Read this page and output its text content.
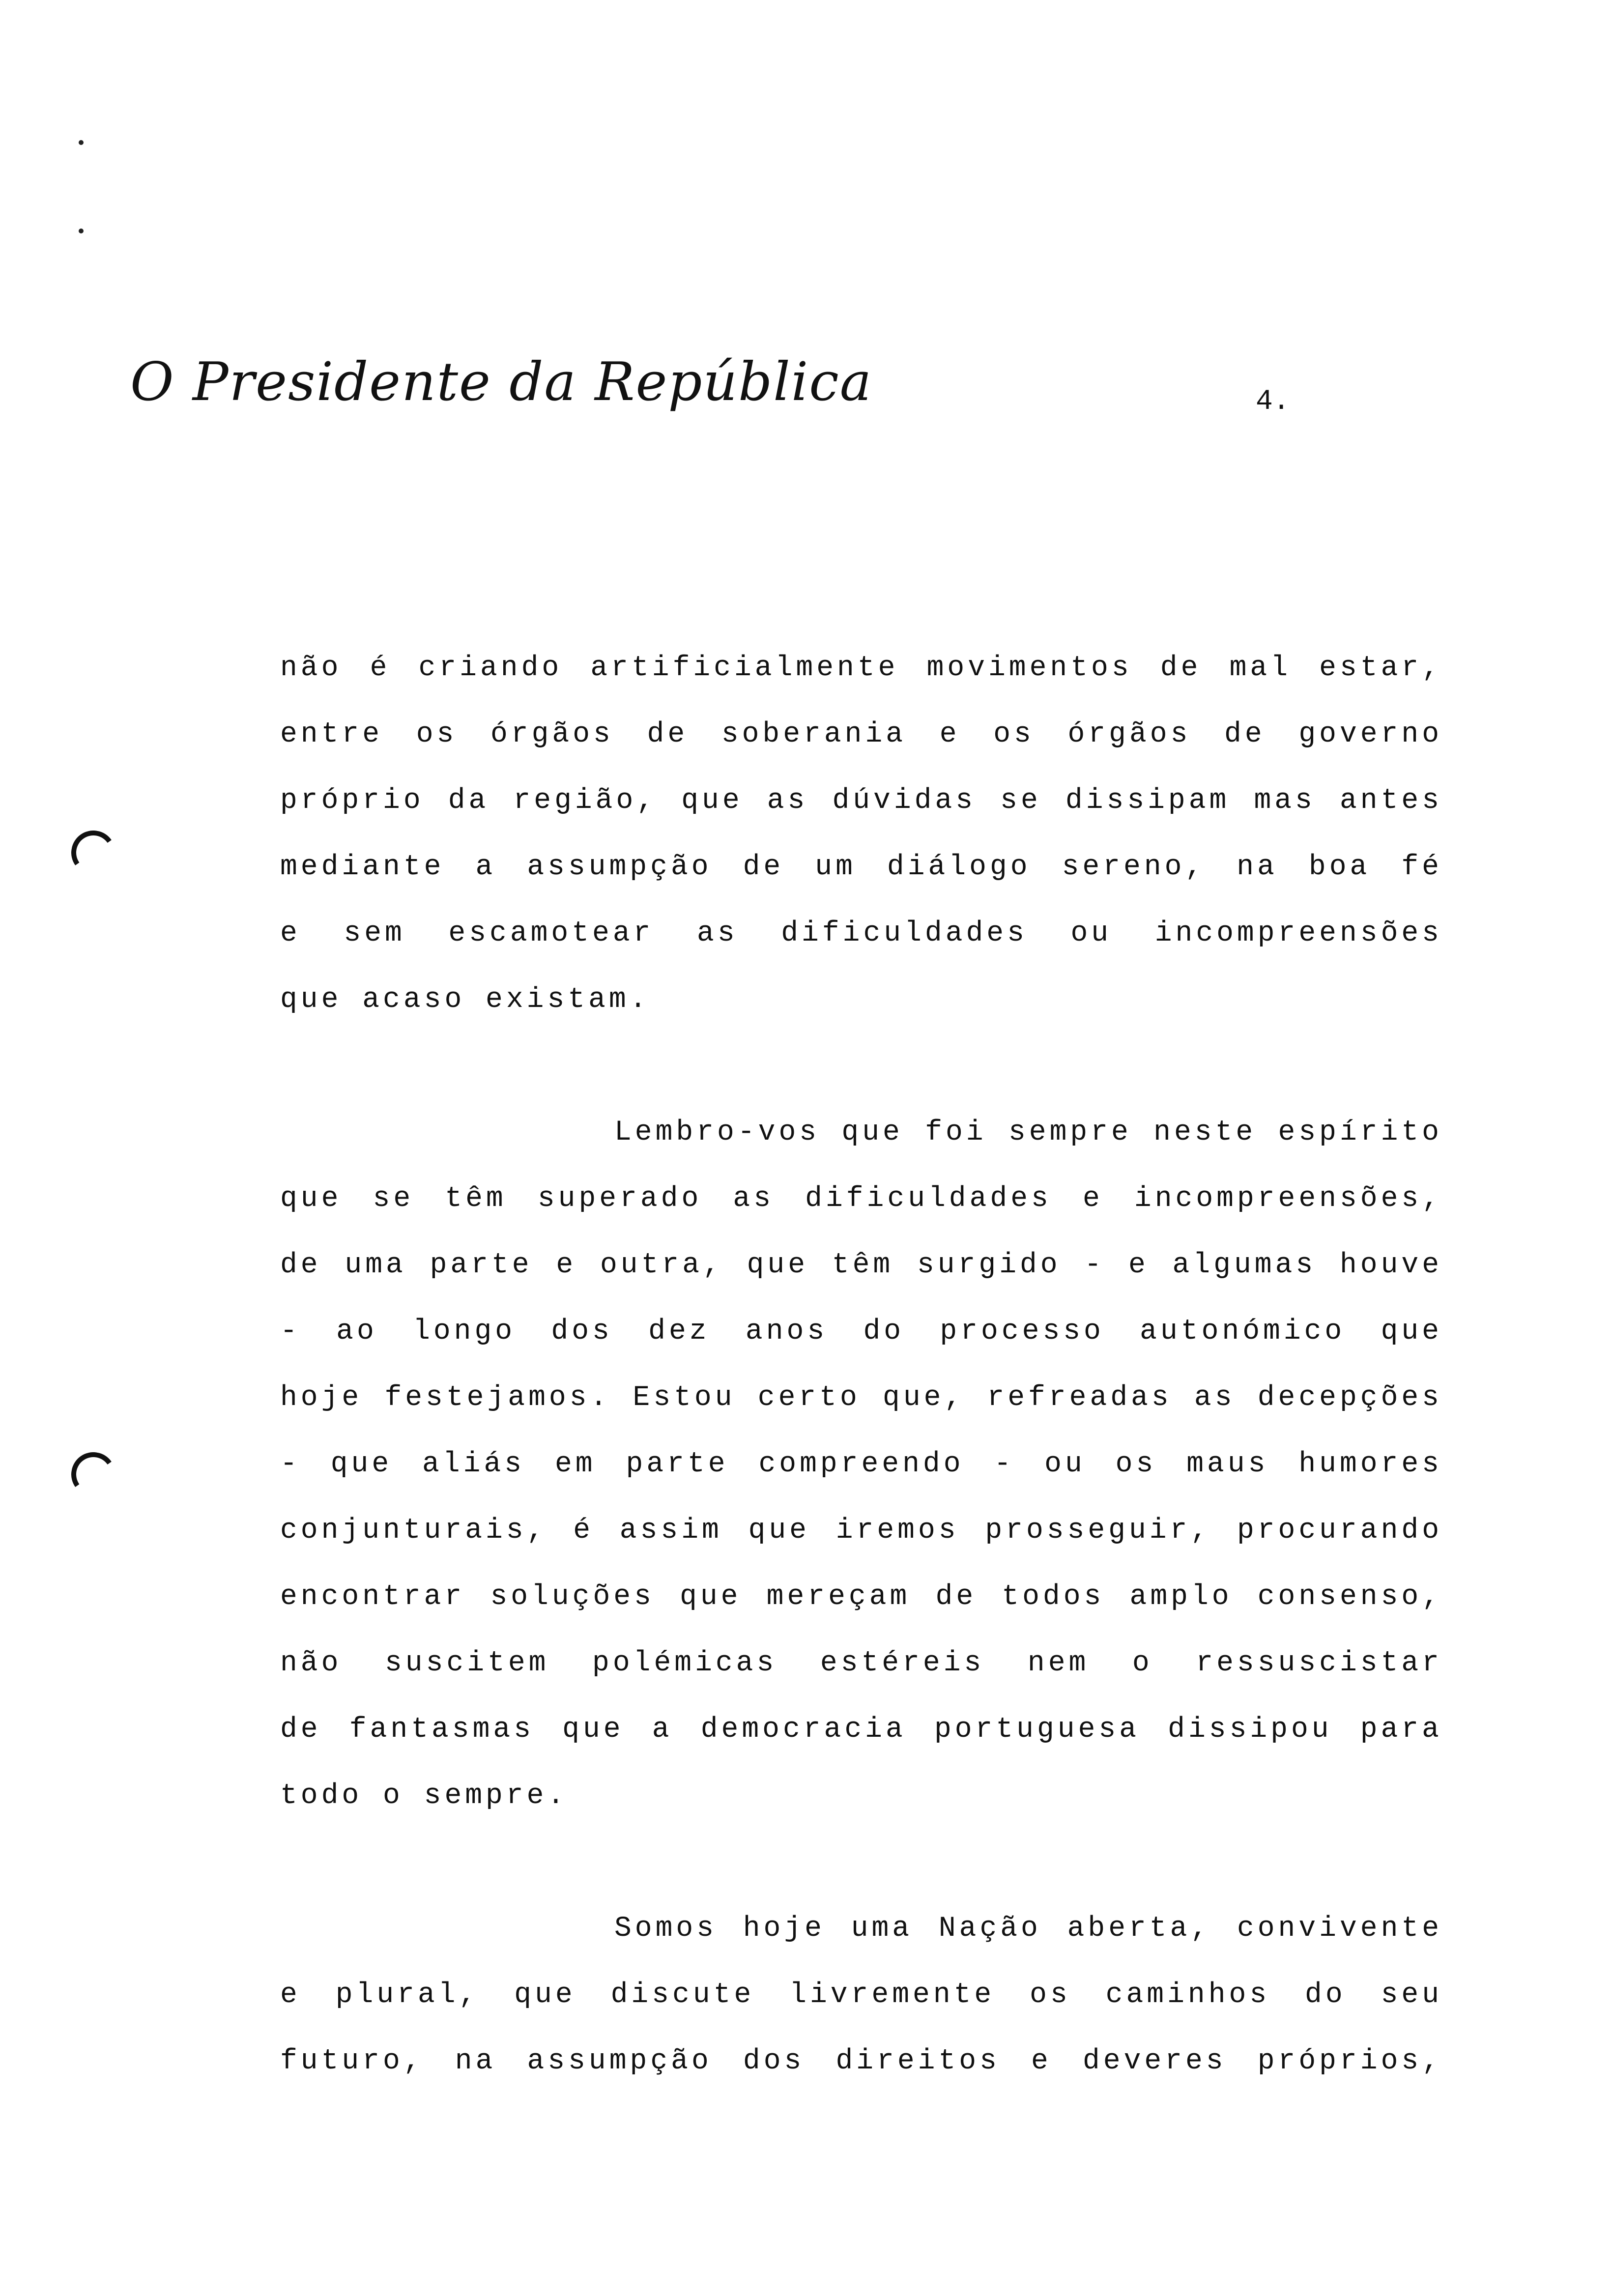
O Presidente da República	4.
não é criando artificialmente movimentos de mal estar,
entre os órgãos de soberania e os órgãos de governo
próprio da região, que as dúvidas se dissipam mas antes
mediante a assumpção de um diálogo sereno, na boa fé
e sem escamotear as dificuldades ou incompreensões
que acaso existam.
Lembro-vos que foi sempre neste espírito
que se têm superado as dificuldades e incompreensões,
de uma parte e outra, que têm surgido - e algumas houve
- ao longo dos dez anos do processo autonómico que
hoje festejamos. Estou certo que, refreadas as decepções
- que aliás em parte compreendo - ou os maus humores
conjunturais, é assim que iremos prosseguir, procurando
encontrar soluções que mereçam de todos amplo consenso,
não suscitem polémicas estéreis nem o ressuscistar
de fantasmas que a democracia portuguesa dissipou para
todo o sempre.
Somos hoje uma Nação aberta, convivente
e plural, que discute livremente os caminhos do seu
futuro, na assumpção dos direitos e deveres próprios,
